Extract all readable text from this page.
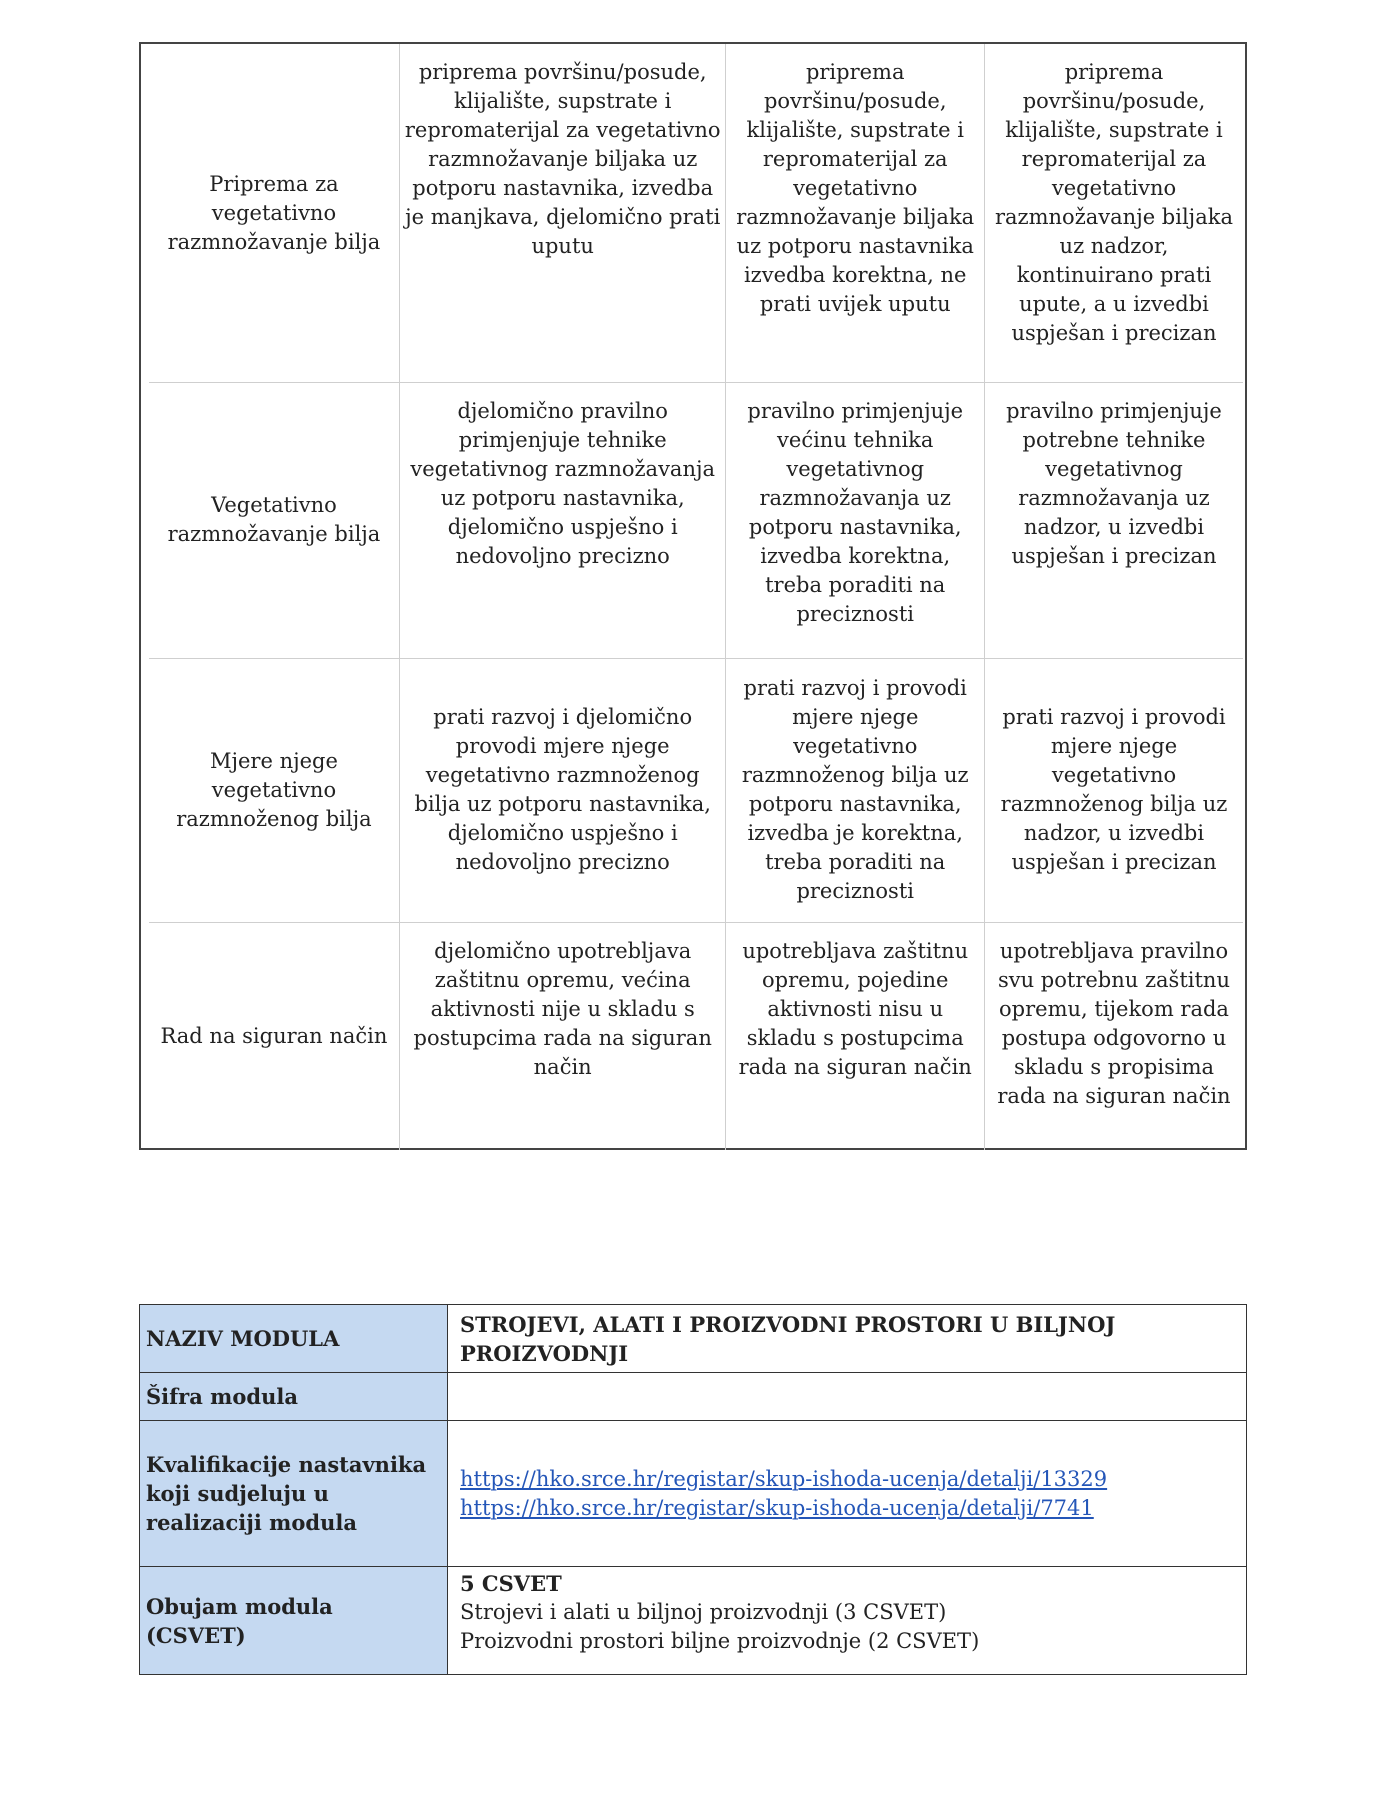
Priprema za vegetativno razmnožavanje bilja	priprema površinu/posude, klijalište, supstrate i repromaterijal za vegetativno razmnožavanje biljaka uz potporu nastavnika, izvedba je manjkava, djelomično prati uputu	priprema površinu/posude, klijalište, supstrate i repromaterijal za vegetativno razmnožavanje biljaka uz potporu nastavnika izvedba korektna, ne prati uvijek uputu	priprema površinu/posude, klijalište, supstrate i repromaterijal za vegetativno razmnožavanje biljaka uz nadzor, kontinuirano prati upute, a u izvedbi uspješan i precizan
Vegetativno razmnožavanje bilja	djelomično pravilno primjenjuje tehnike vegetativnog razmnožavanja uz potporu nastavnika, djelomično uspješno i nedovoljno precizno	pravilno primjenjuje većinu tehnika vegetativnog razmnožavanja uz potporu nastavnika, izvedba korektna, treba poraditi na preciznosti	pravilno primjenjuje potrebne tehnike vegetativnog razmnožavanja uz nadzor, u izvedbi uspješan i precizan
Mjere njege vegetativno razmnoženog bilja	prati razvoj i djelomično provodi mjere njege vegetativno razmnoženog bilja uz potporu nastavnika, djelomično uspješno i nedovoljno precizno	prati razvoj i provodi mjere njege vegetativno razmnoženog bilja uz potporu nastavnika, izvedba je korektna, treba poraditi na preciznosti	prati razvoj i provodi mjere njege vegetativno razmnoženog bilja uz nadzor, u izvedbi uspješan i precizan
Rad na siguran način	djelomično upotrebljava zaštitnu opremu, većina aktivnosti nije u skladu s postupcima rada na siguran način	upotrebljava zaštitnu opremu, pojedine aktivnosti nisu u skladu s postupcima rada na siguran način	upotrebljava pravilno svu potrebnu zaštitnu opremu, tijekom rada postupa odgovorno u skladu s propisima rada na siguran način
NAZIV MODULA	STROJEVI, ALATI I PROIZVODNI PROSTORI U BILJNOJ PROIZVODNJI
Šifra modula	
Kvalifikacije nastavnika koji sudjeluju u realizaciji modula	https://hko.srce.hr/registar/skup-ishoda-ucenja/detalji/13329
https://hko.srce.hr/registar/skup-ishoda-ucenja/detalji/7741
Obujam modula (CSVET)	5 CSVET
Strojevi i alati u biljnoj proizvodnji (3 CSVET)
Proizvodni prostori biljne proizvodnje (2 CSVET)
